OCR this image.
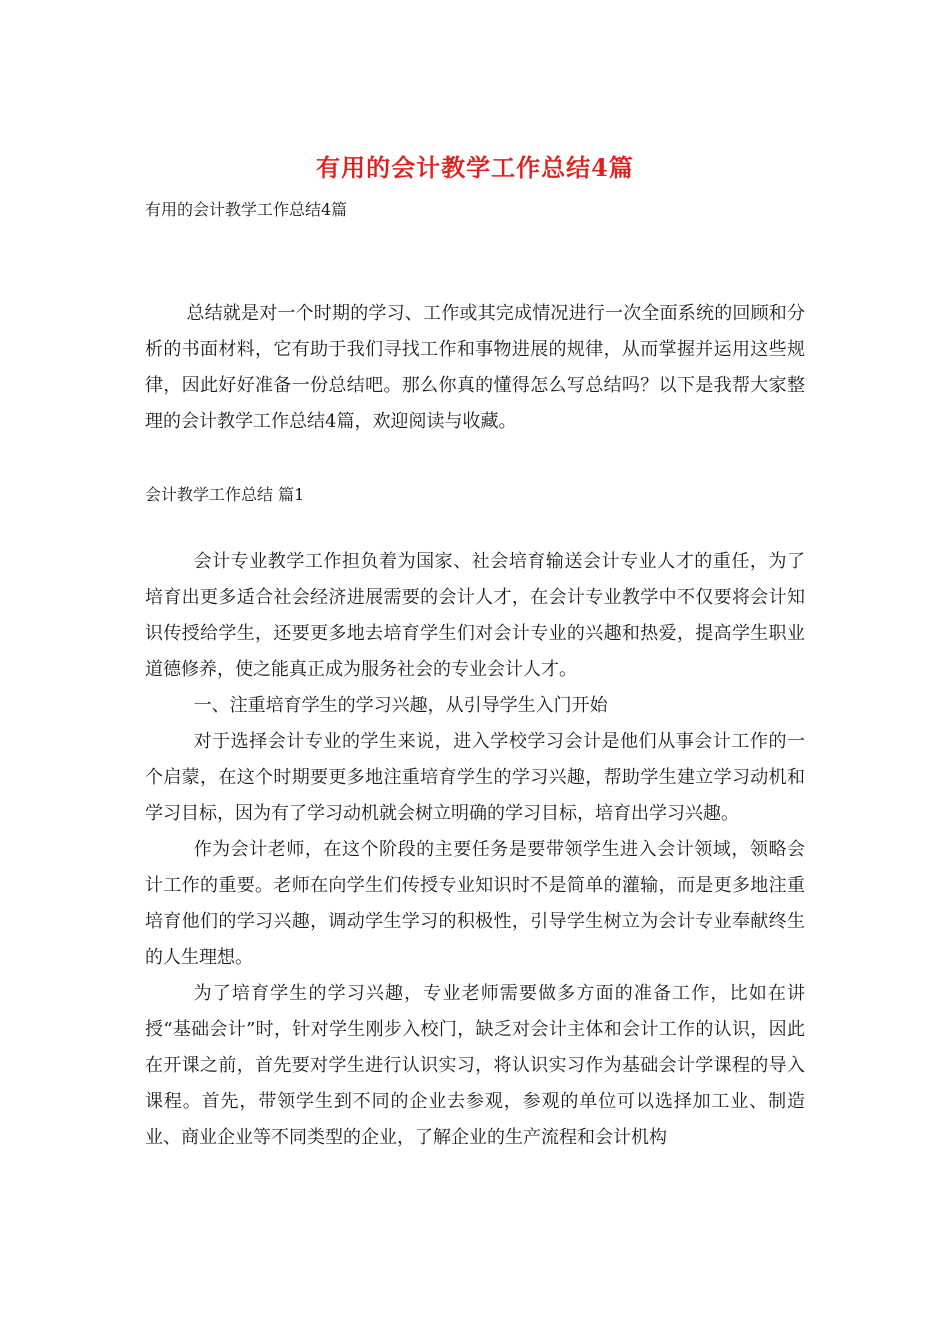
有用的会计教学工作总结4篇
有用的会计教学工作总结4篇
总结就是对一个时期的学习、工作或其完成情况进行一次全面系统的回顾和分析的书面材料，它有助于我们寻找工作和事物进展的规律，从而掌握并运用这些规律，因此好好准备一份总结吧。那么你真的懂得怎么写总结吗？以下是我帮大家整理的会计教学工作总结4篇，欢迎阅读与收藏。
会计教学工作总结 篇1

会计专业教学工作担负着为国家、社会培育输送会计专业人才的重任，为了培育出更多适合社会经济进展需要的会计人才，在会计专业教学中不仅要将会计知识传授给学生，还要更多地去培育学生们对会计专业的兴趣和热爱，提高学生职业道德修养，使之能真正成为服务社会的专业会计人才。

一、注重培育学生的学习兴趣，从引导学生入门开始

对于选择会计专业的学生来说，进入学校学习会计是他们从事会计工作的一个启蒙，在这个时期要更多地注重培育学生的学习兴趣，帮助学生建立学习动机和学习目标，因为有了学习动机就会树立明确的学习目标，培育出学习兴趣。

作为会计老师，在这个阶段的主要任务是要带领学生进入会计领域，领略会计工作的重要。老师在向学生们传授专业知识时不是简单的灌输，而是更多地注重培育他们的学习兴趣，调动学生学习的积极性，引导学生树立为会计专业奉献终生的人生理想。

为了培育学生的学习兴趣，专业老师需要做多方面的准备工作，比如在讲授“基础会计”时，针对学生刚步入校门，缺乏对会计主体和会计工作的认识，因此在开课之前，首先要对学生进行认识实习，将认识实习作为基础会计学课程的导入课程。首先，带领学生到不同的企业去参观，参观的单位可以选择加工业、制造业、商业企业等不同类型的企业，了解企业的生产流程和会计机构
